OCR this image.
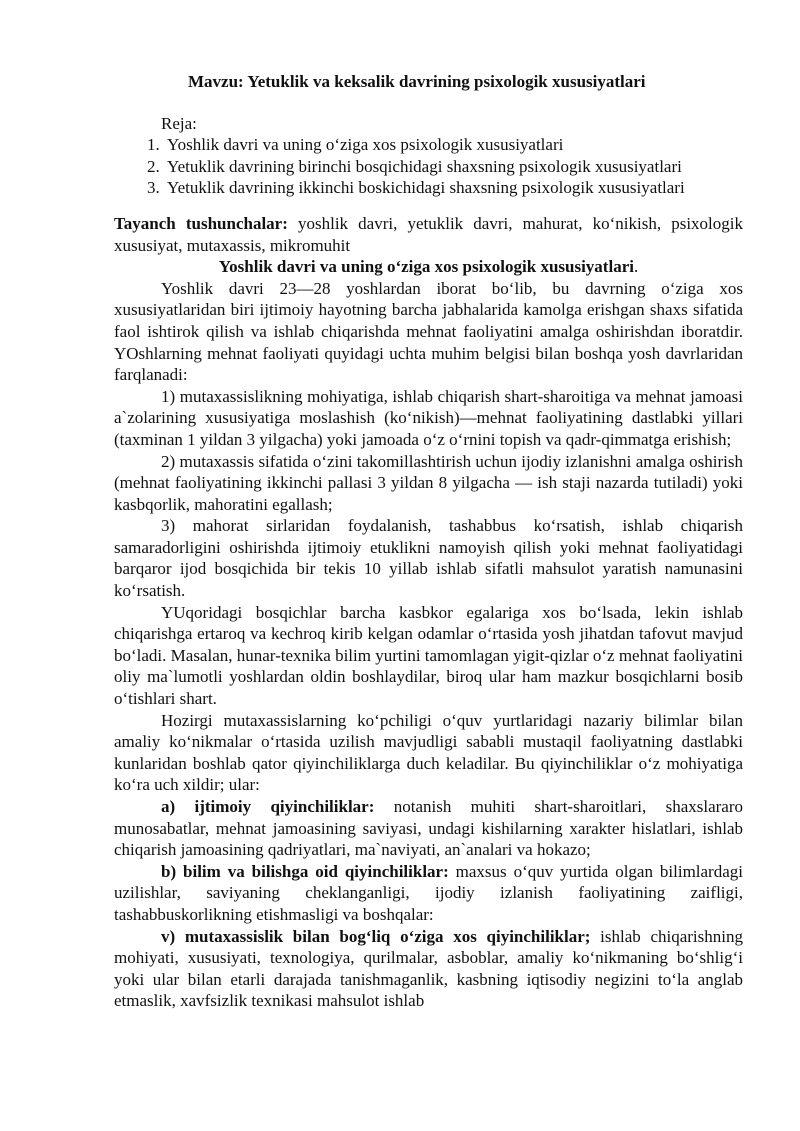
Mavzu: Yetuklik va keksalik davrining psixologik xususiyatlari

Reja:

1. Yoshlik davri va uning o‘ziga xos psixologik xususiyatlari
2. Yetuklik davrining birinchi bosqichidagi shaxsning psixologik xususiyatlari
3. Yetuklik davrining ikkinchi boskichidagi shaxsning psixologik xususiyatlari

Tayanch tushunchalar: yoshlik davri, yetuklik davri, mahurat, ko‘nikish, psixologik xususiyat, mutaxassis, mikromuhit

Yoshlik davri va uning o‘ziga xos psixologik xususiyatlari.

Yoshlik davri 23—28 yoshlardan iborat bo‘lib, bu davrning o‘ziga xos xususiyatlaridan biri ijtimoiy hayotning barcha jabhalarida kamolga erishgan shaxs sifatida faol ishtirok qilish va ishlab chiqarishda mehnat faoliyatini amalga oshirishdan iboratdir. YOshlarning mehnat faoliyati quyidagi uchta muhim belgisi bilan boshqa yosh davrlaridan farqlanadi:

1) mutaxassislikning mohiyatiga, ishlab chiqarish shart-sharoitiga va mehnat jamoasi a`zolarining xususiyatiga moslashish (ko‘nikish)—mehnat faoliyatining dastlabki yillari (taxminan 1 yildan 3 yilgacha) yoki jamoada o‘z o‘rnini topish va qadr-qimmatga erishish;

2) mutaxassis sifatida o‘zini takomillashtirish uchun ijodiy izlanishni amalga oshirish (mehnat faoliyatining ikkinchi pallasi 3 yildan 8 yilgacha — ish staji nazarda tutiladi) yoki kasbqorlik, mahoratini egallash;

3) mahorat sirlaridan foydalanish, tashabbus ko‘rsatish, ishlab chiqarish samaradorligini oshirishda ijtimoiy etuklikni namoyish qilish yoki mehnat faoliyatidagi barqaror ijod bosqichida bir tekis 10 yillab ishlab sifatli mahsulot yaratish namunasini ko‘rsatish.

YUqoridagi bosqichlar barcha kasbkor egalariga xos bo‘lsada, lekin ishlab chiqarishga ertaroq va kechroq kirib kelgan odamlar o‘rtasida yosh jihatdan tafovut mavjud bo‘ladi. Masalan, hunar-texnika bilim yurtini tamomlagan yigit-qizlar o‘z mehnat faoliyatini oliy ma`lumotli yoshlardan oldin boshlaydilar, biroq ular ham mazkur bosqichlarni bosib o‘tishlari shart.

Hozirgi mutaxassislarning ko‘pchiligi o‘quv yurtlaridagi nazariy bilimlar bilan amaliy ko‘nikmalar o‘rtasida uzilish mavjudligi sababli mustaqil faoliyatning dastlabki kunlaridan boshlab qator qiyinchiliklarga duch keladilar. Bu qiyinchiliklar o‘z mohiyatiga ko‘ra uch xildir; ular:

a) ijtimoiy qiyinchiliklar: notanish muhiti shart-sharoitlari, shaxslararo munosabatlar, mehnat jamoasining saviyasi, undagi kishilarning xarakter hislatlari, ishlab chiqarish jamoasining qadriyatlari, ma`naviyati, an`analari va hokazo;

b) bilim va bilishga oid qiyinchiliklar: maxsus o‘quv yurtida olgan bilimlardagi uzilishlar, saviyaning cheklanganligi, ijodiy izlanish faoliyatining zaifligi, tashabbuskorlikning etishmasligi va boshqalar:

v) mutaxassislik bilan bog‘liq o‘ziga xos qiyinchiliklar; ishlab chiqarishning mohiyati, xususiyati, texnologiya, qurilmalar, asboblar, amaliy ko‘nikmaning bo‘shlig‘i yoki ular bilan etarli darajada tanishmaganlik, kasbning iqtisodiy negizini to‘la anglab etmaslik, xavfsizlik texnikasi mahsulot ishlab
